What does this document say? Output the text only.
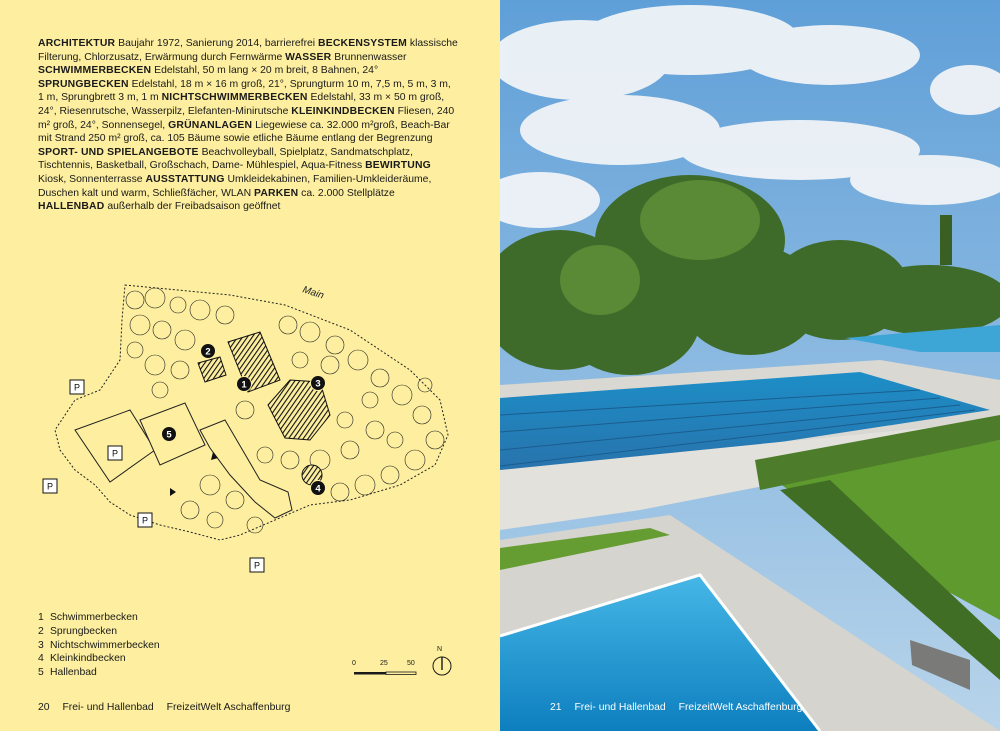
ARCHITEKTUR Baujahr 1972, Sanierung 2014, barrierefrei BECKENSYSTEM klassische Filterung, Chlorzusatz, Erwärmung durch Fernwärme WASSER Brunnenwasser SCHWIMMERBECKEN Edelstahl, 50 m lang × 20 m breit, 8 Bahnen, 24° SPRUNGBECKEN Edelstahl, 18 m × 16 m groß, 21°, Sprungturm 10 m, 7,5 m, 5 m, 3 m, 1 m, Sprungbrett 3 m, 1 m NICHTSCHWIMMERBECKEN Edelstahl, 33 m × 50 m groß, 24°, Riesenrutsche, Wasserpilz, Elefanten-Minirutsche KLEINKINDBECKEN Fliesen, 240 m² groß, 24°, Sonnensegel, GRÜNANLAGEN Liegewiese ca. 32.000 m²groß, Beach-Bar mit Strand 250 m² groß, ca. 105 Bäume sowie etliche Bäume entlang der Begrenzung SPORT- UND SPIELANGEBOTE Beachvolleyball, Spielplatz, Sandmatschplatz, Tischtennis, Basketball, Großschach, Dame- Mühlespiel, Aqua-Fitness BEWIRTUNG Kiosk, Sonnenterrasse AUSSTATTUNG Umkleidekabinen, Familien-Umkleideräume, Duschen kalt und warm, Schließfächer, WLAN PARKEN ca. 2.000 Stellplätze HALLENBAD außerhalb der Freibadsaison geöffnet
1
2
3
4
5
Main
P
P
P
P
P
1 Schwimmerbecken
2 Sprungbecken
3 Nichtschwimmerbecken
4 Kleinkindbecken
5 Hallenbad
0	25	50
N
20 Frei- und Hallenbad FreizeitWelt Aschaffenburg	21 Frei- und Hallenbad FreizeitWelt Aschaffenburg
